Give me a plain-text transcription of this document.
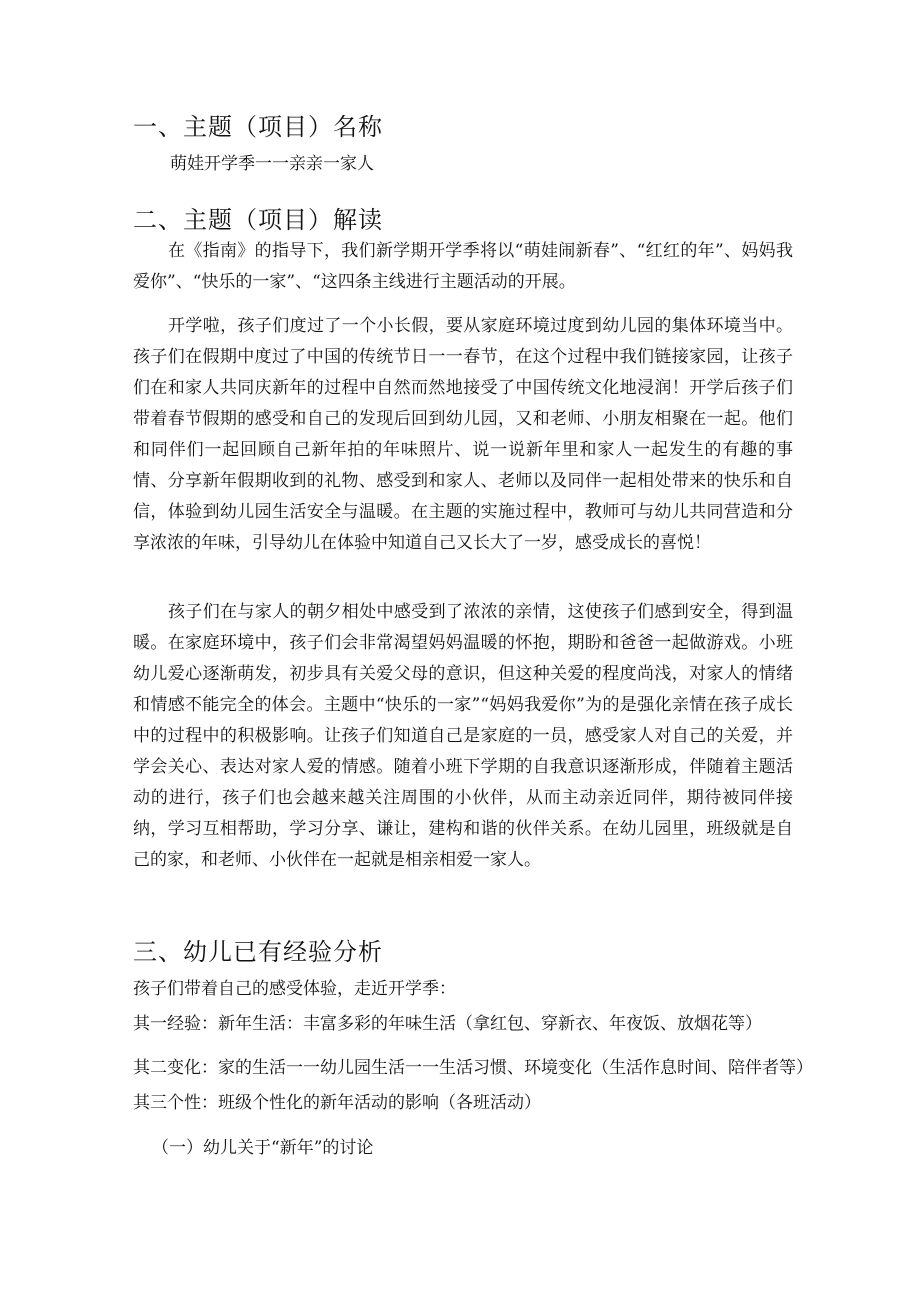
一、主题（项目）名称
萌娃开学季一一亲亲一家人
二、主题（项目）解读
在《指南》的指导下，我们新学期开学季将以“萌娃闹新春”、“红红的年”、妈妈我爱你”、“快乐的一家”、“这四条主线进行主题活动的开展。
开学啦，孩子们度过了一个小长假，要从家庭环境过度到幼儿园的集体环境当中。孩子们在假期中度过了中国的传统节日一一春节，在这个过程中我们链接家园，让孩子们在和家人共同庆新年的过程中自然而然地接受了中国传统文化地浸润！开学后孩子们带着春节假期的感受和自己的发现后回到幼儿园，又和老师、小朋友相聚在一起。他们和同伴们一起回顾自己新年拍的年味照片、说一说新年里和家人一起发生的有趣的事情、分享新年假期收到的礼物、感受到和家人、老师以及同伴一起相处带来的快乐和自信，体验到幼儿园生活安全与温暖。在主题的实施过程中，教师可与幼儿共同营造和分享浓浓的年味，引导幼儿在体验中知道自己又长大了一岁，感受成长的喜悦！
孩子们在与家人的朝夕相处中感受到了浓浓的亲情，这使孩子们感到安全，得到温暖。在家庭环境中，孩子们会非常渴望妈妈温暖的怀抱，期盼和爸爸一起做游戏。小班幼儿爱心逐渐萌发，初步具有关爱父母的意识，但这种关爱的程度尚浅，对家人的情绪和情感不能完全的体会。主题中“快乐的一家”“妈妈我爱你”为的是强化亲情在孩子成长中的过程中的积极影响。让孩子们知道自己是家庭的一员，感受家人对自己的关爱，并学会关心、表达对家人爱的情感。随着小班下学期的自我意识逐渐形成，伴随着主题活动的进行，孩子们也会越来越关注周围的小伙伴，从而主动亲近同伴，期待被同伴接纳，学习互相帮助，学习分享、谦让，建构和谐的伙伴关系。在幼儿园里，班级就是自己的家，和老师、小伙伴在一起就是相亲相爱一家人。
三、幼儿已有经验分析
孩子们带着自己的感受体验，走近开学季：
其一经验：新年生活：丰富多彩的年味生活（拿红包、穿新衣、年夜饭、放烟花等）
其二变化：家的生活一一幼儿园生活一一生活习惯、环境变化（生活作息时间、陪伴者等）
其三个性：班级个性化的新年活动的影响（各班活动）
（一）幼儿关于“新年”的讨论
